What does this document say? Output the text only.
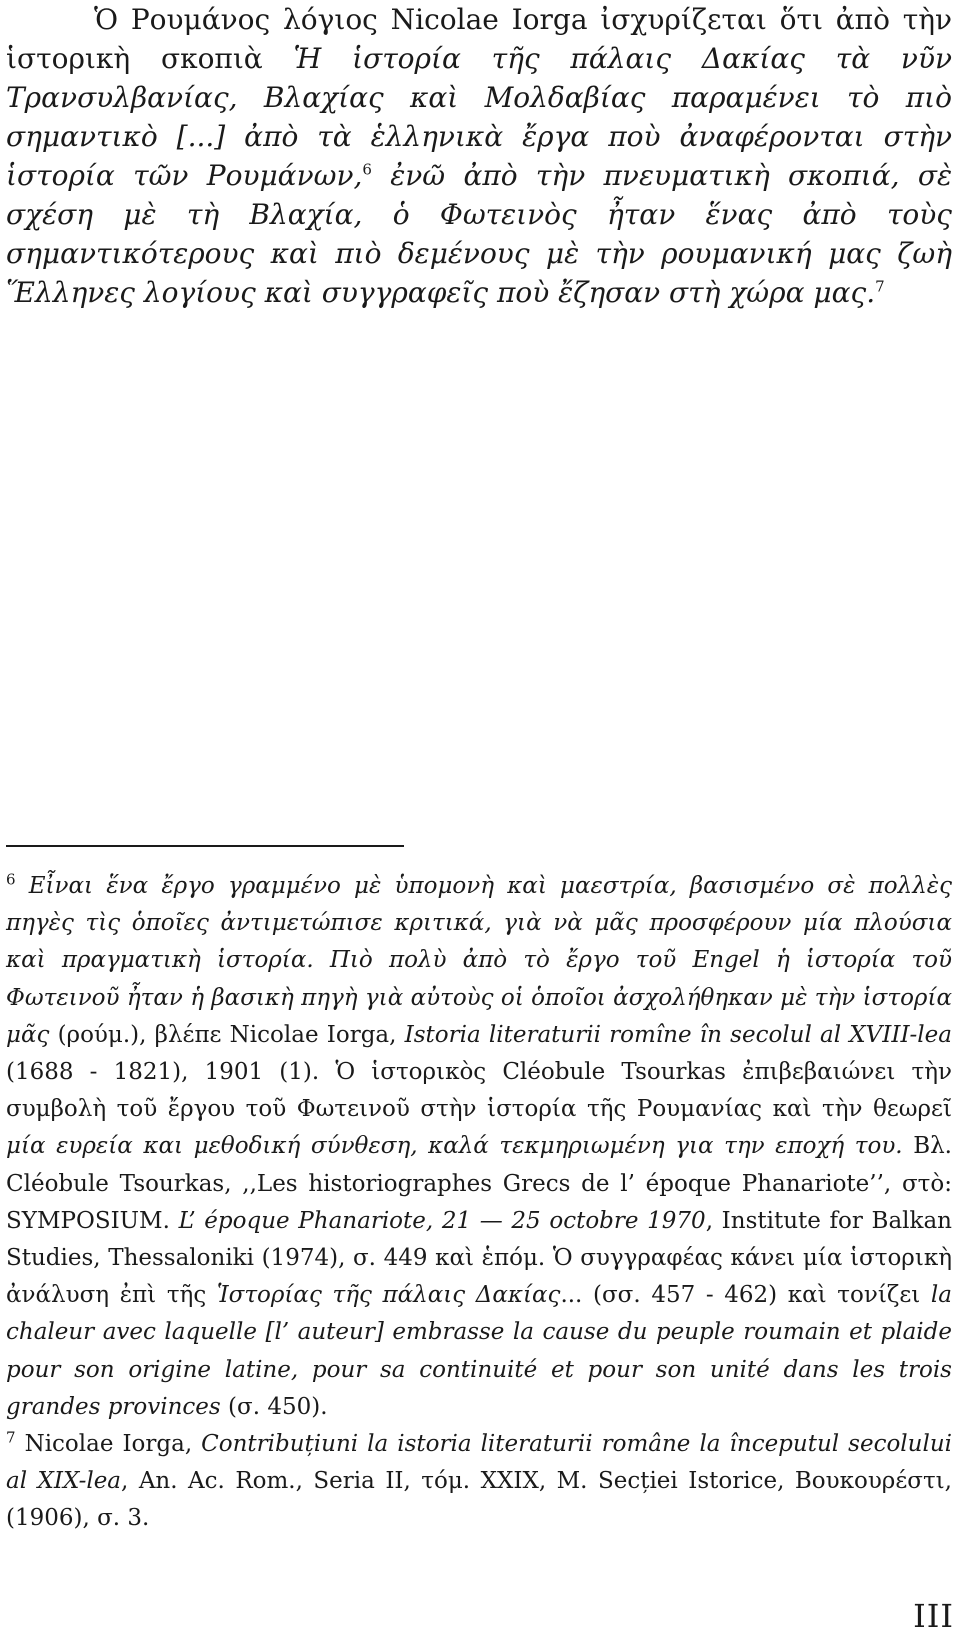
Ὁ Ρουμάνος λόγιος Nicolae Iorga ἰσχυρίζεται ὅτι ἀπὸ τὴν ἱστορικὴ σκοπιὰ Ἡ ἱστορία τῆς πάλαις Δακίας τὰ νῦν Τρανσυλβανίας, Βλαχίας καὶ Μολδαβίας παραμένει τὸ πιὸ σημαντικὸ [...] ἀπὸ τὰ ἑλληνικὰ ἔργα ποὺ ἀναφέρονται στὴν ἱστορία τῶν Ρουμάνων,$^6$ ἐνῶ ἀπὸ τὴν πνευματικὴ σκοπιά, σὲ σχέση μὲ τὴ Βλαχία, ὁ Φωτεινὸς ἦταν ἕνας ἀπὸ τοὺς σημαντικότερους καὶ πιὸ δεμένους μὲ τὴν ρουμανική μας ζωὴ Ἕλληνες λογίους καὶ συγγραφεῖς ποὺ ἔζησαν στὴ χώρα μας.$^7$

$^6$ Εἶναι ἕνα ἔργο γραμμένο μὲ ὑπομονὴ καὶ μαεστρία, βασισμένο σὲ πολλὲς πηγὲς τὶς ὁποῖες ἀντιμετώπισε κριτικά, γιὰ νὰ μᾶς προσφέρουν μία πλούσια καὶ πραγματικὴ ἱστορία. Πιὸ πολὺ ἀπὸ τὸ ἔργο τοῦ Engel ἡ ἱστορία τοῦ Φωτεινοῦ ἦταν ἡ βασικὴ πηγὴ γιὰ αὐτοὺς οἱ ὁποῖοι ἀσχολήθηκαν μὲ τὴν ἱστορία μᾶς (ρούμ.), βλέπε Nicolae Iorga, Istoria literaturii romîne în secolul al XVIII-lea (1688 - 1821), 1901 (1). Ὁ ἱστορικὸς Cléobule Tsourkas ἐπιβεβαιώνει τὴν συμβολὴ τοῦ ἔργου τοῦ Φωτεινοῦ στὴν ἱστορία τῆς Ρουμανίας καὶ τὴν θεωρεῖ μία ευρεία και μεθοδική σύνθεση, καλά τεκμηριωμένη για την εποχή του. Βλ. Cléobule Tsourkas, ,,Les historiographes Grecs de l’ époque Phanariote’’, στὸ: SYMPOSIUM. L’ époque Phanariote, 21 — 25 octobre 1970, Institute for Balkan Studies, Thessaloniki (1974), σ. 449 καὶ ἑπόμ. Ὁ συγγραφέας κάνει μία ἱστορικὴ ἀνάλυση ἐπὶ τῆς Ἱστορίας τῆς πάλαις Δακίας... (σσ. 457 - 462) καὶ τονίζει la chaleur avec laquelle [l’ auteur] embrasse la cause du peuple roumain et plaide pour son origine latine, pour sa continuité et pour son unité dans les trois grandes provinces (σ. 450).

$^7$ Nicolae Iorga, Contribuțiuni la istoria literaturii române la începutul secolului al XIX-lea, An. Ac. Rom., Seria II, τόμ. XXIX, M. Secției Istorice, Βουκουρέστι, (1906), σ. 3.

III
